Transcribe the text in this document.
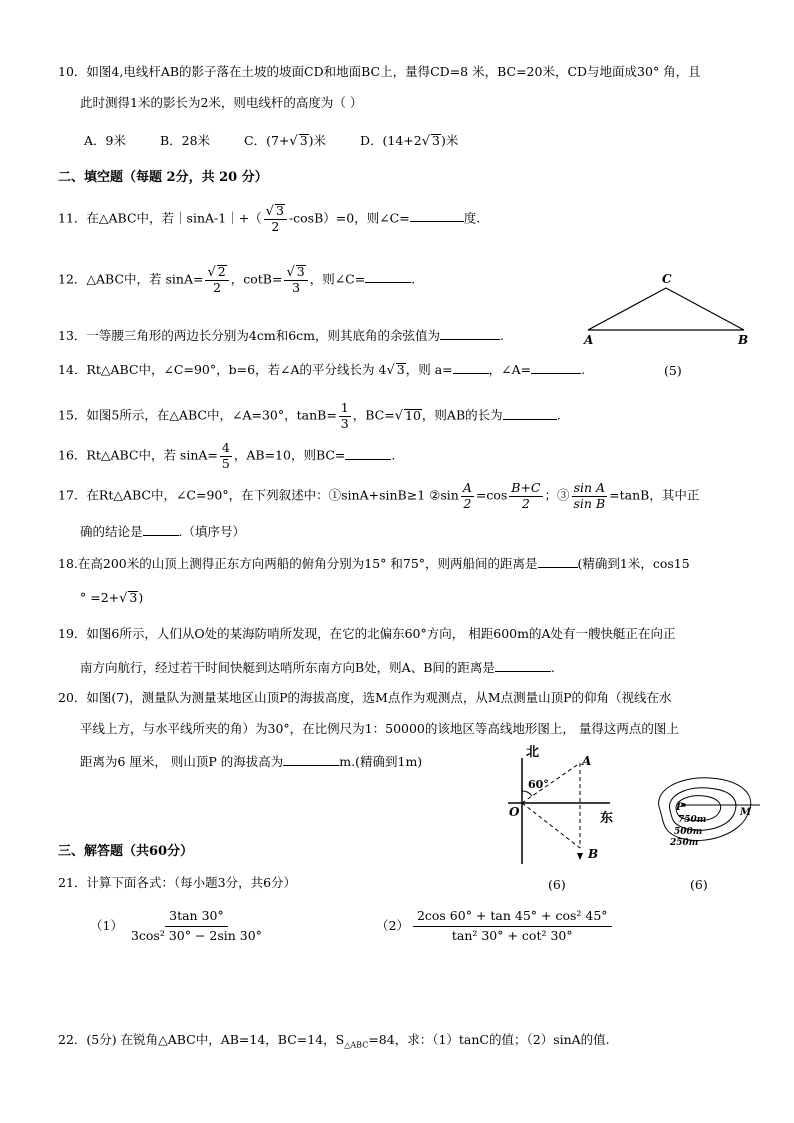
10．如图4,电线杆AB的影子落在土坡的坡面CD和地面BC上，量得CD=8 米，BC=20米，CD与地面成30° 角，且
此时测得1米的影长为2米，则电线杆的高度为（ ）
A．9米	B．28米	C．(7+√ 3)米	D．(14+2√ 3)米
二、填空题（每题 2分，共 20 分）
11．在△ABC中，若｜sinA-1｜+（ $\frac{√ 3}{2} -\cos B)=0$，则∠C=	度.
12．△ABC中，若 $\sin A= \frac{√ 2}{2}$ ，$\cot B= \frac{√ 3}{3}$ ，则∠C=	.
13．一等腰三角形的两边长分别为4cm和6cm，则其底角的余弦值为	.
14．Rt△ABC中，∠C=90°，b=6，若∠A的平分线长为 4√ 3，则 a=	，∠A=	.
15．如图5所示，在△ABC中，∠A=30°，$\tan B= \frac{1}{3}$ ，BC=√ 10，则AB的长为	.
16．Rt△ABC中，若 $\sin A= \frac{4}{5}$ ，AB=10，则BC=	.
17．在Rt△ABC中，∠C=90°，在下列叙述中：①sinA+sinB≥1 ②sin $\frac{A}{2} =\cos \frac{B+C}{2}$ ；③ $\frac{\text{sin A}}{\text{sin B}} =\tan B$，其中正
确的结论是	.（填序号）
18.在高200米的山顶上测得正东方向两船的俯角分别为15° 和75°，则两船间的距离是	(精确到1米，cos15
° =2+√ 3)
19．如图6所示，人们从O处的某海防哨所发现，在它的北偏东60°方向， 相距600m的A处有一艘快艇正在向正
南方向航行，经过若干时间快艇到达哨所东南方向B处，则A、B间的距离是	.
20．如图(7)，测量队为测量某地区山顶P的海拔高度，选M点作为观测点，从M点测量山顶P的仰角（视线在水
平线上方，与水平线所夹的角）为30°，在比例尺为1：50000的该地区等高线地形图上， 量得这两点的图上
距离为6 厘米， 则山顶P 的海拔高为	m.(精确到1m)
三、解答题（共60分）
21．计算下面各式：（每小题3分，共6分）
$(1) \frac{3\tan 30^\circ}{\text{3cos² 30° − 2sin 30°}}$	$(2) \frac{\text{2cos 60° + tan 45° + cos² 45°}}{\text{tan² 30° + cot² 30°}}$
22．(5分) 在锐角△ABC中，AB=14，BC=14，$S_{\triangle ABC}=84$，求：（1）tanC的值；（2）sinA的值.
C
A	B
(5)
北
东
60°
O
A
B
(6)
P	M
750m
500m
250m
(6)
